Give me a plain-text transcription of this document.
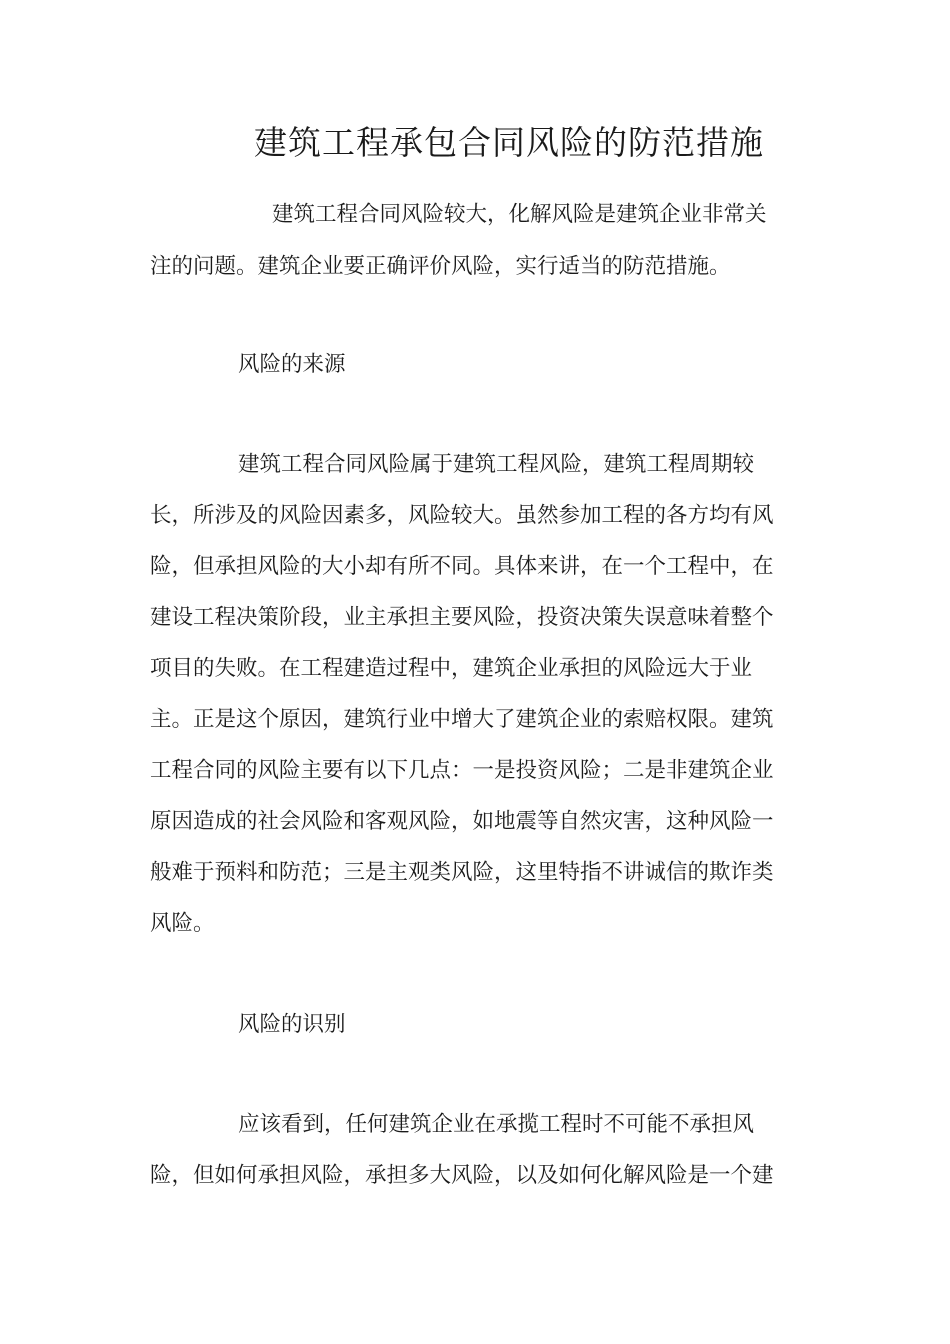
建筑工程承包合同风险的防范措施

建筑工程合同风险较大，化解风险是建筑企业非常关

注的问题。建筑企业要正确评价风险，实行适当的防范措施。

风险的来源

建筑工程合同风险属于建筑工程风险，建筑工程周期较

长，所涉及的风险因素多，风险较大。虽然参加工程的各方均有风

险，但承担风险的大小却有所不同。具体来讲，在一个工程中，在

建设工程决策阶段，业主承担主要风险，投资决策失误意味着整个

项目的失败。在工程建造过程中，建筑企业承担的风险远大于业

主。正是这个原因，建筑行业中增大了建筑企业的索赔权限。建筑

工程合同的风险主要有以下几点：一是投资风险；二是非建筑企业

原因造成的社会风险和客观风险，如地震等自然灾害，这种风险一

般难于预料和防范；三是主观类风险，这里特指不讲诚信的欺诈类

风险。

风险的识别

应该看到，任何建筑企业在承揽工程时不可能不承担风

险，但如何承担风险，承担多大风险，以及如何化解风险是一个建
